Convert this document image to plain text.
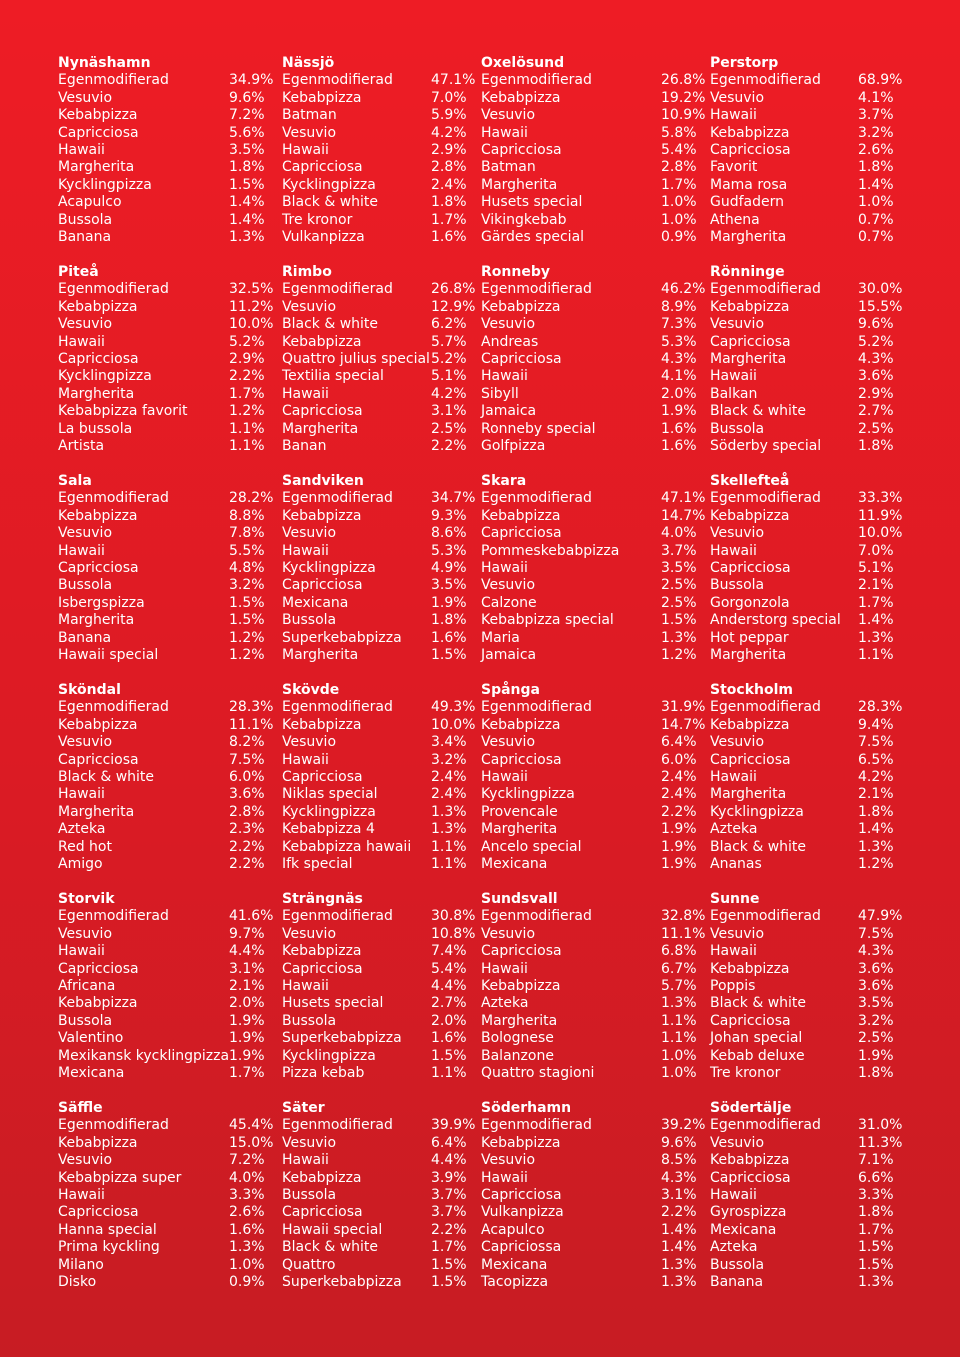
Nynäshamn
Egenmodifierad	34.9%
Vesuvio	9.6%
Kebabpizza	7.2%
Capricciosa	5.6%
Hawaii	3.5%
Margherita	1.8%
Kycklingpizza	1.5%
Acapulco	1.4%
Bussola	1.4%
Banana	1.3%
Nässjö
Egenmodifierad	47.1%
Kebabpizza	7.0%
Batman	5.9%
Vesuvio	4.2%
Hawaii	2.9%
Capricciosa	2.8%
Kycklingpizza	2.4%
Black & white	1.8%
Tre kronor	1.7%
Vulkanpizza	1.6%
Oxelösund
Egenmodifierad	26.8%
Kebabpizza	19.2%
Vesuvio	10.9%
Hawaii	5.8%
Capricciosa	5.4%
Batman	2.8%
Margherita	1.7%
Husets special	1.0%
Vikingkebab	1.0%
Gärdes special	0.9%
Perstorp
Egenmodifierad	68.9%
Vesuvio	4.1%
Hawaii	3.7%
Kebabpizza	3.2%
Capricciosa	2.6%
Favorit	1.8%
Mama rosa	1.4%
Gudfadern	1.0%
Athena	0.7%
Margherita	0.7%
Piteå
Egenmodifierad	32.5%
Kebabpizza	11.2%
Vesuvio	10.0%
Hawaii	5.2%
Capricciosa	2.9%
Kycklingpizza	2.2%
Margherita	1.7%
Kebabpizza favorit	1.2%
La bussola	1.1%
Artista	1.1%
Rimbo
Egenmodifierad	26.8%
Vesuvio	12.9%
Black & white	6.2%
Kebabpizza	5.7%
Quattro julius special 5.2%
Textilia special	5.1%
Hawaii	4.2%
Capricciosa	3.1%
Margherita	2.5%
Banan	2.2%
Ronneby
Egenmodifierad	46.2%
Kebabpizza	8.9%
Vesuvio	7.3%
Andreas	5.3%
Capricciosa	4.3%
Hawaii	4.1%
Sibyll	2.0%
Jamaica	1.9%
Ronneby special	1.6%
Golfpizza	1.6%
Rönninge
Egenmodifierad	30.0%
Kebabpizza	15.5%
Vesuvio	9.6%
Capricciosa	5.2%
Margherita	4.3%
Hawaii	3.6%
Balkan	2.9%
Black & white	2.7%
Bussola	2.5%
Söderby special	1.8%
Sala
Egenmodifierad	28.2%
Kebabpizza	8.8%
Vesuvio	7.8%
Hawaii	5.5%
Capricciosa	4.8%
Bussola	3.2%
Isbergspizza	1.5%
Margherita	1.5%
Banana	1.2%
Hawaii special	1.2%
Sandviken
Egenmodifierad	34.7%
Kebabpizza	9.3%
Vesuvio	8.6%
Hawaii	5.3%
Kycklingpizza	4.9%
Capricciosa	3.5%
Mexicana	1.9%
Bussola	1.8%
Superkebabpizza 1.6%
Margherita	1.5%
Skara
Egenmodifierad	47.1%
Kebabpizza	14.7%
Capricciosa	4.0%
Pommeskebabpizza	3.7%
Hawaii	3.5%
Vesuvio	2.5%
Calzone	2.5%
Kebabpizza special	1.5%
Maria	1.3%
Jamaica	1.2%
Skellefteå
Egenmodifierad	33.3%
Kebabpizza	11.9%
Vesuvio	10.0%
Hawaii	7.0%
Capricciosa	5.1%
Bussola	2.1%
Gorgonzola	1.7%
Anderstorg special 1.4%
Hot peppar	1.3%
Margherita	1.1%
Sköndal
Egenmodifierad	28.3%
Kebabpizza	11.1%
Vesuvio	8.2%
Capricciosa	7.5%
Black & white	6.0%
Hawaii	3.6%
Margherita	2.8%
Azteka	2.3%
Red hot	2.2%
Amigo	2.2%
Skövde
Egenmodifierad	49.3%
Kebabpizza	10.0%
Vesuvio	3.4%
Hawaii	3.2%
Capricciosa	2.4%
Niklas special	2.4%
Kycklingpizza	1.3%
Kebabpizza 4	1.3%
Kebabpizza hawaii 1.1%
Ifk special	1.1%
Spånga
Egenmodifierad	31.9%
Kebabpizza	14.7%
Vesuvio	6.4%
Capricciosa	6.0%
Hawaii	2.4%
Kycklingpizza	2.4%
Provencale	2.2%
Margherita	1.9%
Ancelo special	1.9%
Mexicana	1.9%
Stockholm
Egenmodifierad	28.3%
Kebabpizza	9.4%
Vesuvio	7.5%
Capricciosa	6.5%
Hawaii	4.2%
Margherita	2.1%
Kycklingpizza	1.8%
Azteka	1.4%
Black & white	1.3%
Ananas	1.2%
Storvik
Egenmodifierad	41.6%
Vesuvio	9.7%
Hawaii	4.4%
Capricciosa	3.1%
Africana	2.1%
Kebabpizza	2.0%
Bussola	1.9%
Valentino	1.9%
Mexikansk kycklingpizza 1.9%
Mexicana	1.7%
Strängnäs
Egenmodifierad	30.8%
Vesuvio	10.8%
Kebabpizza	7.4%
Capricciosa	5.4%
Hawaii	4.4%
Husets special	2.7%
Bussola	2.0%
Superkebabpizza 1.6%
Kycklingpizza	1.5%
Pizza kebab	1.1%
Sundsvall
Egenmodifierad	32.8%
Vesuvio	11.1%
Capricciosa	6.8%
Hawaii	6.7%
Kebabpizza	5.7%
Azteka	1.3%
Margherita	1.1%
Bolognese	1.1%
Balanzone	1.0%
Quattro stagioni	1.0%
Sunne
Egenmodifierad	47.9%
Vesuvio	7.5%
Hawaii	4.3%
Kebabpizza	3.6%
Poppis	3.6%
Black & white	3.5%
Capricciosa	3.2%
Johan special	2.5%
Kebab deluxe	1.9%
Tre kronor	1.8%
Säffle
Egenmodifierad	45.4%
Kebabpizza	15.0%
Vesuvio	7.2%
Kebabpizza super	4.0%
Hawaii	3.3%
Capricciosa	2.6%
Hanna special	1.6%
Prima kyckling	1.3%
Milano	1.0%
Disko	0.9%
Säter
Egenmodifierad	39.9%
Vesuvio	6.4%
Hawaii	4.4%
Kebabpizza	3.9%
Bussola	3.7%
Capricciosa	3.7%
Hawaii special	2.2%
Black & white	1.7%
Quattro	1.5%
Superkebabpizza 1.5%
Söderhamn
Egenmodifierad	39.2%
Kebabpizza	9.6%
Vesuvio	8.5%
Hawaii	4.3%
Capricciosa	3.1%
Vulkanpizza	2.2%
Acapulco	1.4%
Capriciossa	1.4%
Mexicana	1.3%
Tacopizza	1.3%
Södertälje
Egenmodifierad	31.0%
Vesuvio	11.3%
Kebabpizza	7.1%
Capricciosa	6.6%
Hawaii	3.3%
Gyrospizza	1.8%
Mexicana	1.7%
Azteka	1.5%
Bussola	1.5%
Banana	1.3%
